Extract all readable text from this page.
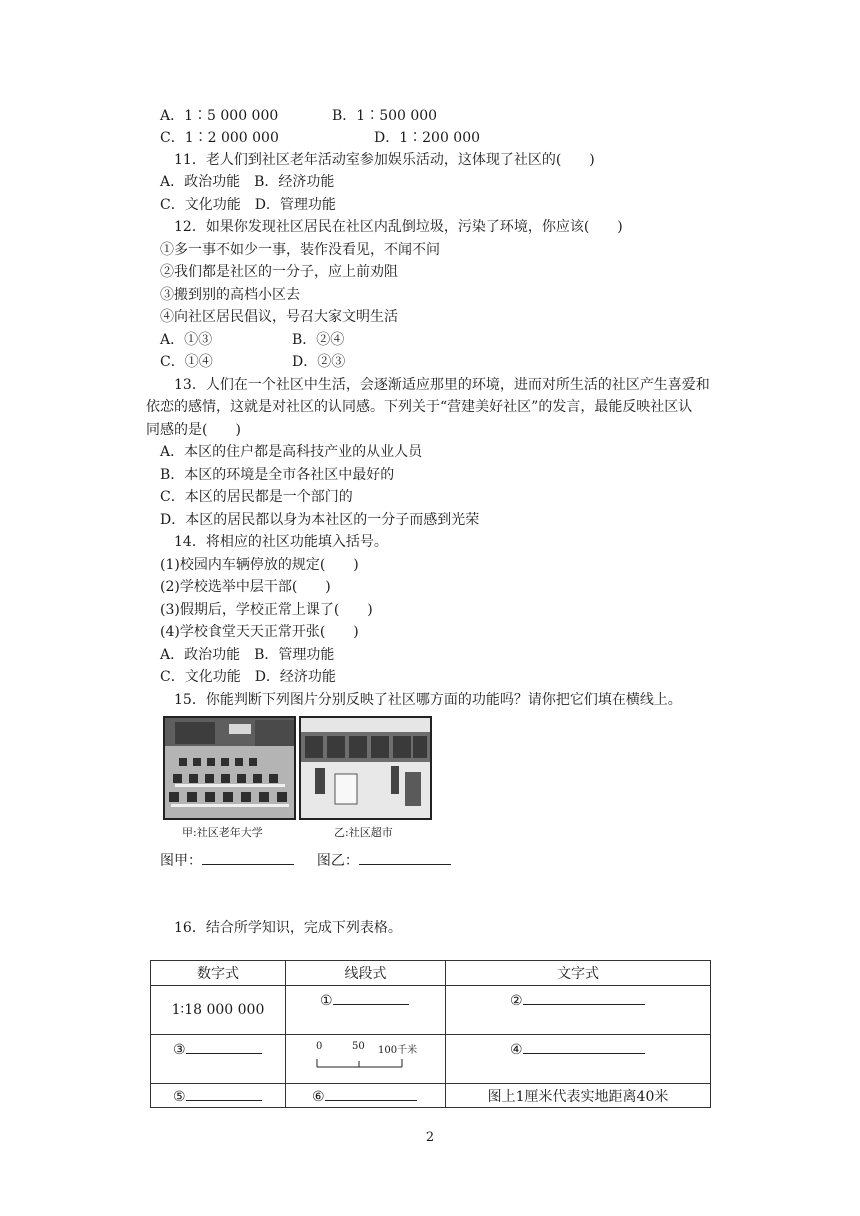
A．1∶5 000 000	B．1∶500 000
C．1∶2 000 000	D．1∶200 000
11．老人们到社区老年活动室参加娱乐活动，这体现了社区的(　　)
A．政治功能　B．经济功能
C．文化功能　D．管理功能
12．如果你发现社区居民在社区内乱倒垃圾，污染了环境，你应该(　　)
①多一事不如少一事，装作没看见，不闻不问
②我们都是社区的一分子，应上前劝阻
③搬到别的高档小区去
④向社区居民倡议，号召大家文明生活
A．①③	B．②④
C．①④	D．②③
13．人们在一个社区中生活，会逐渐适应那里的环境，进而对所生活的社区产生喜爱和
依恋的感情，这就是对社区的认同感。下列关于“营建美好社区”的发言，最能反映社区认
同感的是(　　)
A．本区的住户都是高科技产业的从业人员
B．本区的环境是全市各社区中最好的
C．本区的居民都是一个部门的
D．本区的居民都以身为本社区的一分子而感到光荣
14．将相应的社区功能填入括号。
(1)校园内车辆停放的规定(　　)
(2)学校选举中层干部(　　)
(3)假期后，学校正常上课了(　　)
(4)学校食堂天天正常开张(　　)
A．政治功能　B．管理功能
C．文化功能　D．经济功能
15．你能判断下列图片分别反映了社区哪方面的功能吗？请你把它们填在横线上。
甲:社区老年大学	乙:社区超市
图甲：	图乙：
16．结合所学知识，完成下列表格。
数字式	线段式	文字式
1∶18 000 000	①	②
③	0 50 100千米	④
⑤	⑥	图上1厘米代表实地距离40米
2
